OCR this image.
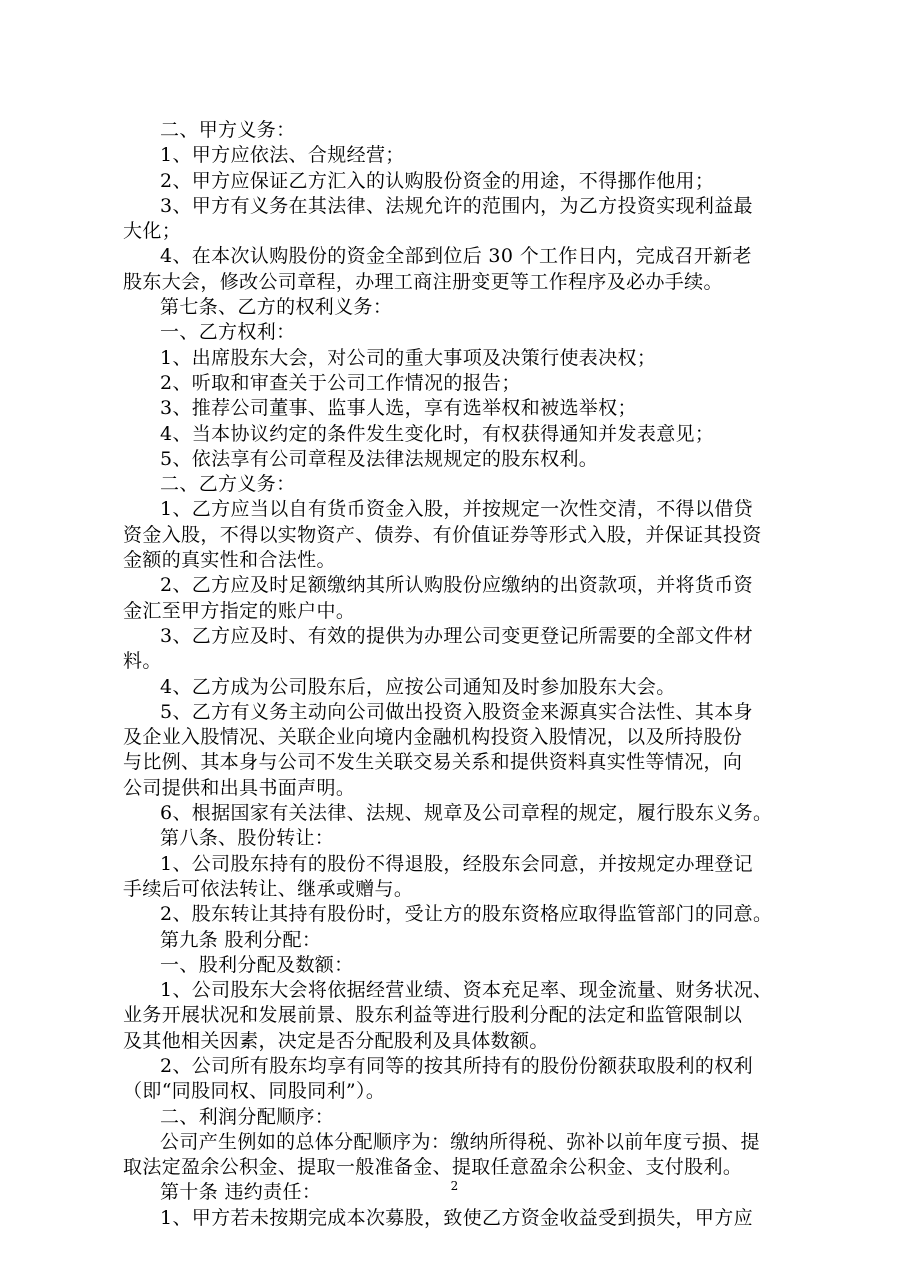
二、甲方义务：
1、甲方应依法、合规经营；
2、甲方应保证乙方汇入的认购股份资金的用途，不得挪作他用；
3、甲方有义务在其法律、法规允许的范围内，为乙方投资实现利益最
大化；
4、在本次认购股份的资金全部到位后 30 个工作日内，完成召开新老
股东大会，修改公司章程，办理工商注册变更等工作程序及必办手续。
第七条、乙方的权利义务：
一、乙方权利：
1、出席股东大会，对公司的重大事项及决策行使表决权；
2、听取和审查关于公司工作情况的报告；
3、推荐公司董事、监事人选，享有选举权和被选举权；
4、当本协议约定的条件发生变化时，有权获得通知并发表意见；
5、依法享有公司章程及法律法规规定的股东权利。
二、乙方义务：
1、乙方应当以自有货币资金入股，并按规定一次性交清，不得以借贷
资金入股，不得以实物资产、债券、有价值证券等形式入股，并保证其投资
金额的真实性和合法性。
2、乙方应及时足额缴纳其所认购股份应缴纳的出资款项，并将货币资
金汇至甲方指定的账户中。
3、乙方应及时、有效的提供为办理公司变更登记所需要的全部文件材
料。
4、乙方成为公司股东后，应按公司通知及时参加股东大会。
5、乙方有义务主动向公司做出投资入股资金来源真实合法性、其本身
及企业入股情况、关联企业向境内金融机构投资入股情况，以及所持股份
与比例、其本身与公司不发生关联交易关系和提供资料真实性等情况，向
公司提供和出具书面声明。
6、根据国家有关法律、法规、规章及公司章程的规定，履行股东义务。
第八条、股份转让：
1、公司股东持有的股份不得退股，经股东会同意，并按规定办理登记
手续后可依法转让、继承或赠与。
2、股东转让其持有股份时，受让方的股东资格应取得监管部门的同意。
第九条 股利分配：
一、股利分配及数额：
1、公司股东大会将依据经营业绩、资本充足率、现金流量、财务状况、
业务开展状况和发展前景、股东利益等进行股利分配的法定和监管限制以
及其他相关因素，决定是否分配股利及具体数额。
2、公司所有股东均享有同等的按其所持有的股份份额获取股利的权利
（即“同股同权、同股同利”）。
二、利润分配顺序：
公司产生例如的总体分配顺序为：缴纳所得税、弥补以前年度亏损、提
取法定盈余公积金、提取一般准备金、提取任意盈余公积金、支付股利。
第十条 违约责任：
1、甲方若未按期完成本次募股，致使乙方资金收益受到损失，甲方应
2
